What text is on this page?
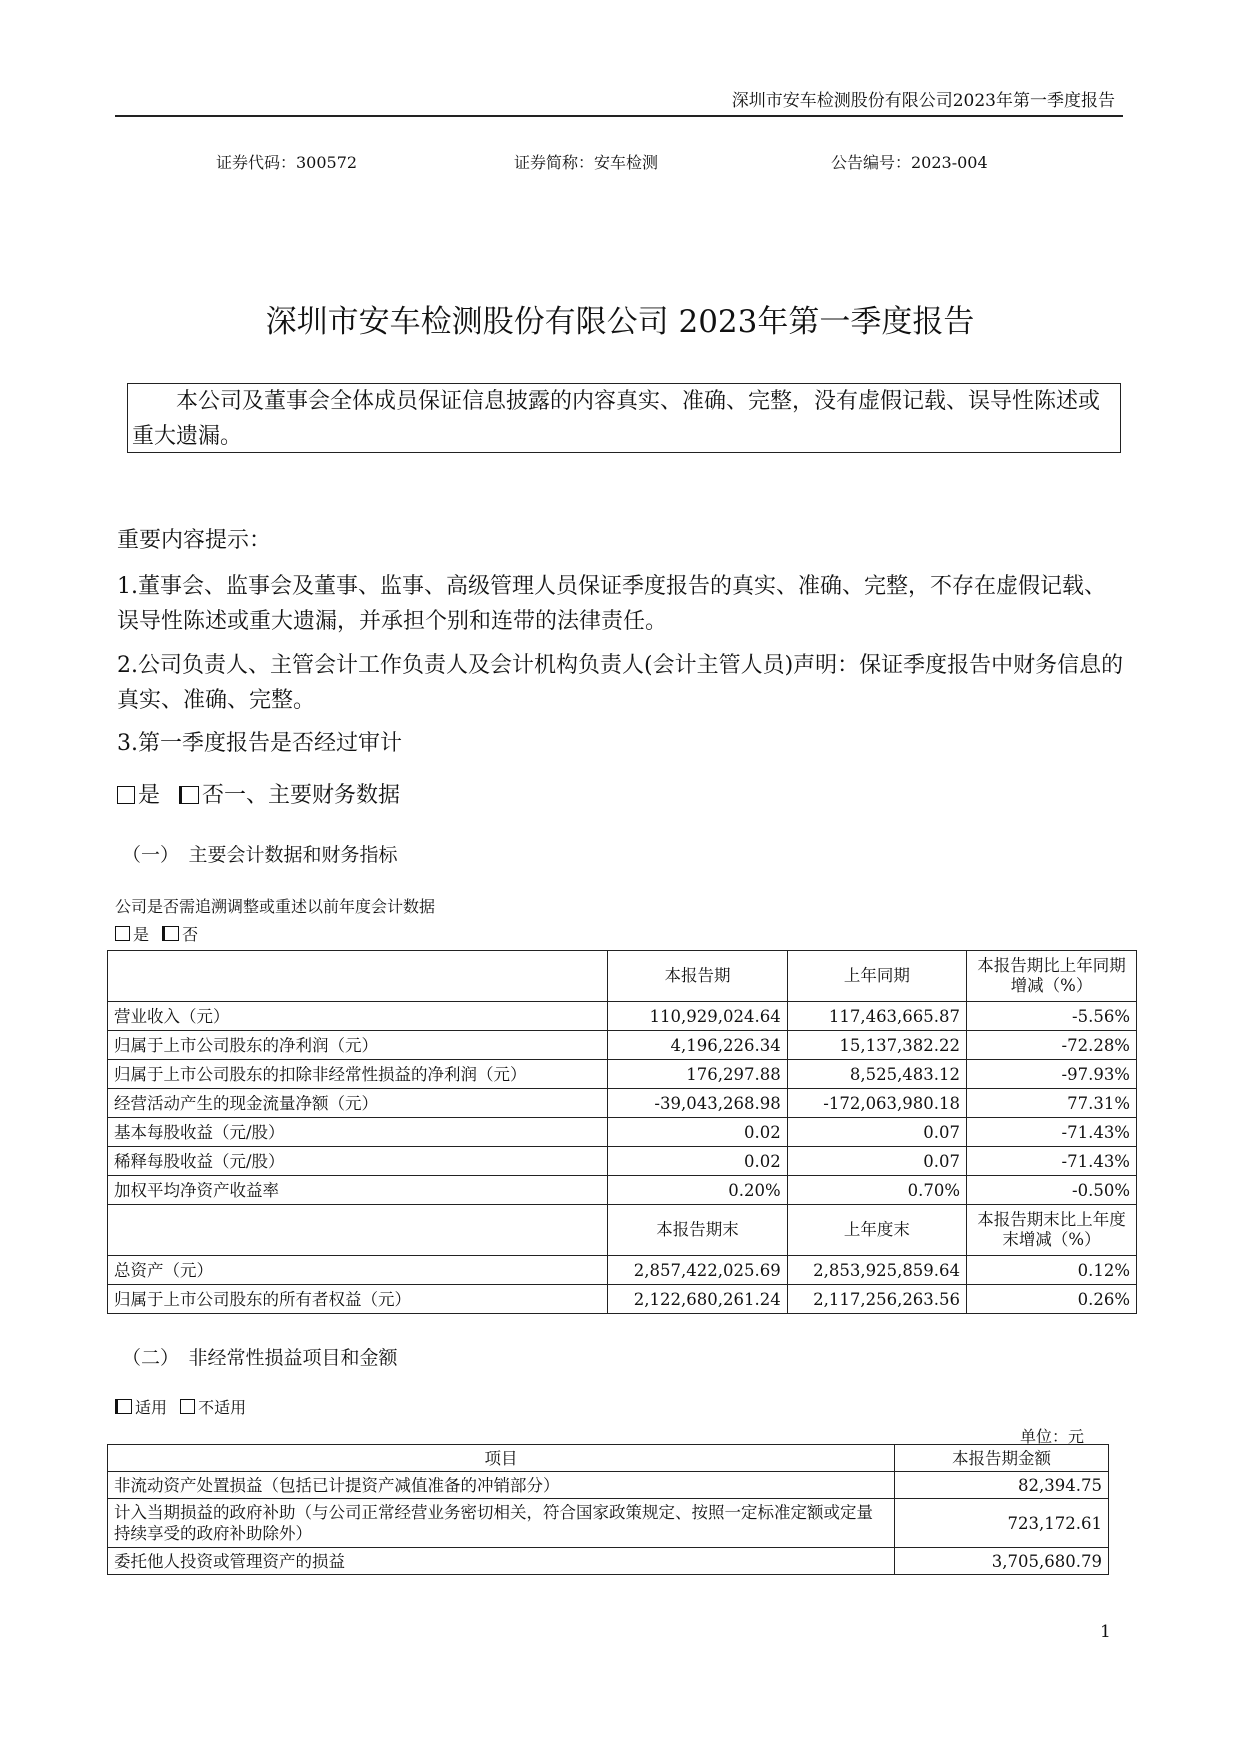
深圳市安车检测股份有限公司2023年第一季度报告
证券代码：300572	证券简称：安车检测	公告编号：2023-004
深圳市安车检测股份有限公司 2023年第一季度报告
本公司及董事会全体成员保证信息披露的内容真实、准确、完整，没有虚假记载、误导性陈述或重大遗漏。
重要内容提示：
1.董事会、监事会及董事、监事、高级管理人员保证季度报告的真实、准确、完整，不存在虚假记载、误导性陈述或重大遗漏，并承担个别和连带的法律责任。
2.公司负责人、主管会计工作负责人及会计机构负责人(会计主管人员)声明：保证季度报告中财务信息的真实、准确、完整。
3.第一季度报告是否经过审计
是 否一、主要财务数据
（一）　主要会计数据和财务指标
公司是否需追溯调整或重述以前年度会计数据
是 否
	本报告期	上年同期	本报告期比上年同期增减（%）
营业收入（元）	110,929,024.64	117,463,665.87	-5.56%
归属于上市公司股东的净利润（元）	4,196,226.34	15,137,382.22	-72.28%
归属于上市公司股东的扣除非经常性损益的净利润（元）	176,297.88	8,525,483.12	-97.93%
经营活动产生的现金流量净额（元）	-39,043,268.98	-172,063,980.18	77.31%
基本每股收益（元/股）	0.02	0.07	-71.43%
稀释每股收益（元/股）	0.02	0.07	-71.43%
加权平均净资产收益率	0.20%	0.70%	-0.50%
	本报告期末	上年度末	本报告期末比上年度末增减（%）
总资产（元）	2,857,422,025.69	2,853,925,859.64	0.12%
归属于上市公司股东的所有者权益（元）	2,122,680,261.24	2,117,256,263.56	0.26%
（二）　非经常性损益项目和金额
适用 不适用
单位：元
项目	本报告期金额
非流动资产处置损益（包括已计提资产减值准备的冲销部分）	82,394.75
计入当期损益的政府补助（与公司正常经营业务密切相关，符合国家政策规定、按照一定标准定额或定量持续享受的政府补助除外）	723,172.61
委托他人投资或管理资产的损益	3,705,680.79
1
